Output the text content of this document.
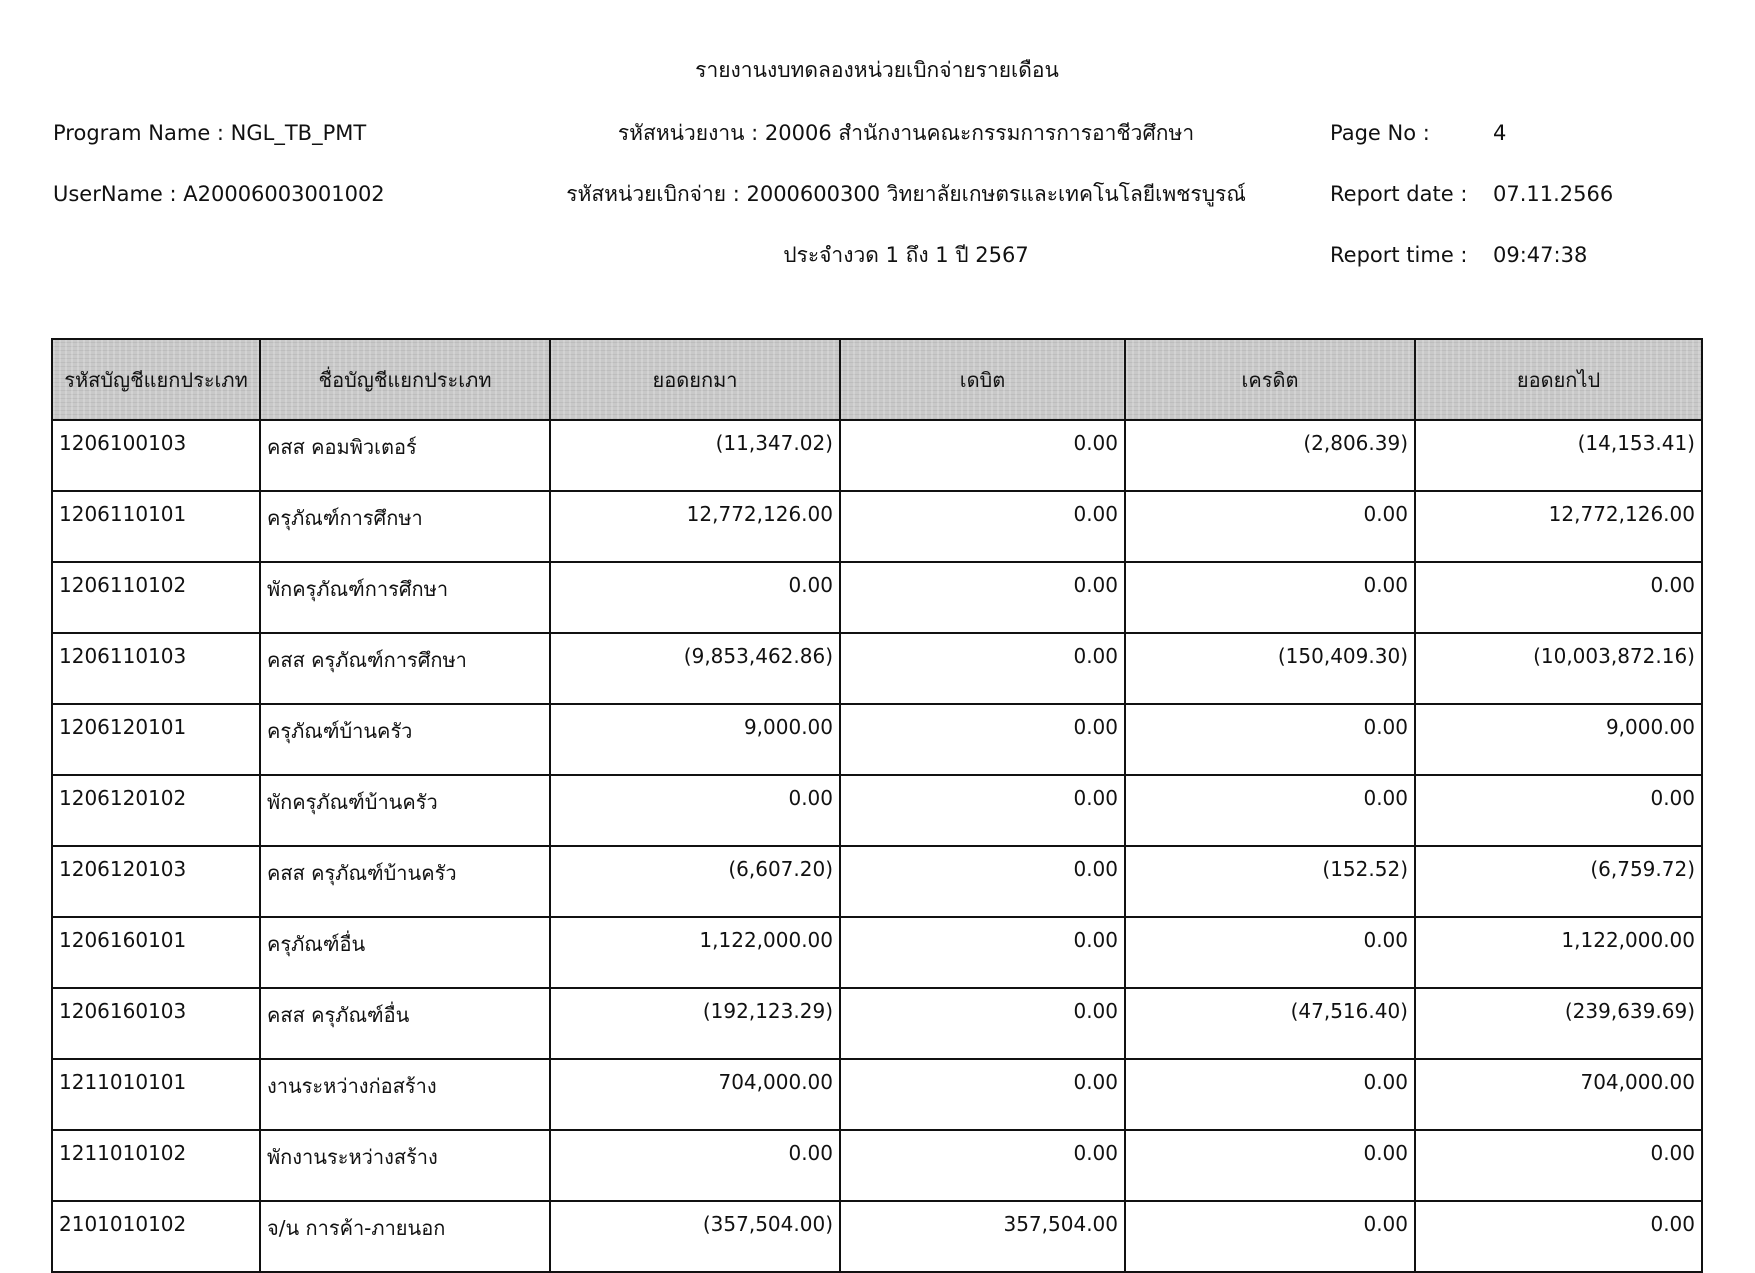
รายงานงบทดลองหน่วยเบิกจ่ายรายเดือน
Program Name : NGL_TB_PMT
UserName : A20006003001002
รหัสหน่วยงาน : 20006 สำนักงานคณะกรรมการการอาชีวศึกษา
รหัสหน่วยเบิกจ่าย : 2000600300 วิทยาลัยเกษตรและเทคโนโลยีเพชรบูรณ์
ประจำงวด 1 ถึง 1 ปี 2567
Page No :	4
Report date : 07.11.2566
Report time : 09:47:38
รหัสบัญชีแยกประเภท	ชื่อบัญชีแยกประเภท	ยอดยกมา	เดบิต	เครดิต	ยอดยกไป
1206100103	คสส คอมพิวเตอร์	(11,347.02)	0.00	(2,806.39)	(14,153.41)
1206110101	ครุภัณฑ์การศึกษา	12,772,126.00	0.00	0.00	12,772,126.00
1206110102	พักครุภัณฑ์การศึกษา	0.00	0.00	0.00	0.00
1206110103	คสส ครุภัณฑ์การศึกษา	(9,853,462.86)	0.00	(150,409.30)	(10,003,872.16)
1206120101	ครุภัณฑ์บ้านครัว	9,000.00	0.00	0.00	9,000.00
1206120102	พักครุภัณฑ์บ้านครัว	0.00	0.00	0.00	0.00
1206120103	คสส ครุภัณฑ์บ้านครัว	(6,607.20)	0.00	(152.52)	(6,759.72)
1206160101	ครุภัณฑ์อื่น	1,122,000.00	0.00	0.00	1,122,000.00
1206160103	คสส ครุภัณฑ์อื่น	(192,123.29)	0.00	(47,516.40)	(239,639.69)
1211010101	งานระหว่างก่อสร้าง	704,000.00	0.00	0.00	704,000.00
1211010102	พักงานระหว่างสร้าง	0.00	0.00	0.00	0.00
2101010102	จ/น การค้า-ภายนอก	(357,504.00)	357,504.00	0.00	0.00
